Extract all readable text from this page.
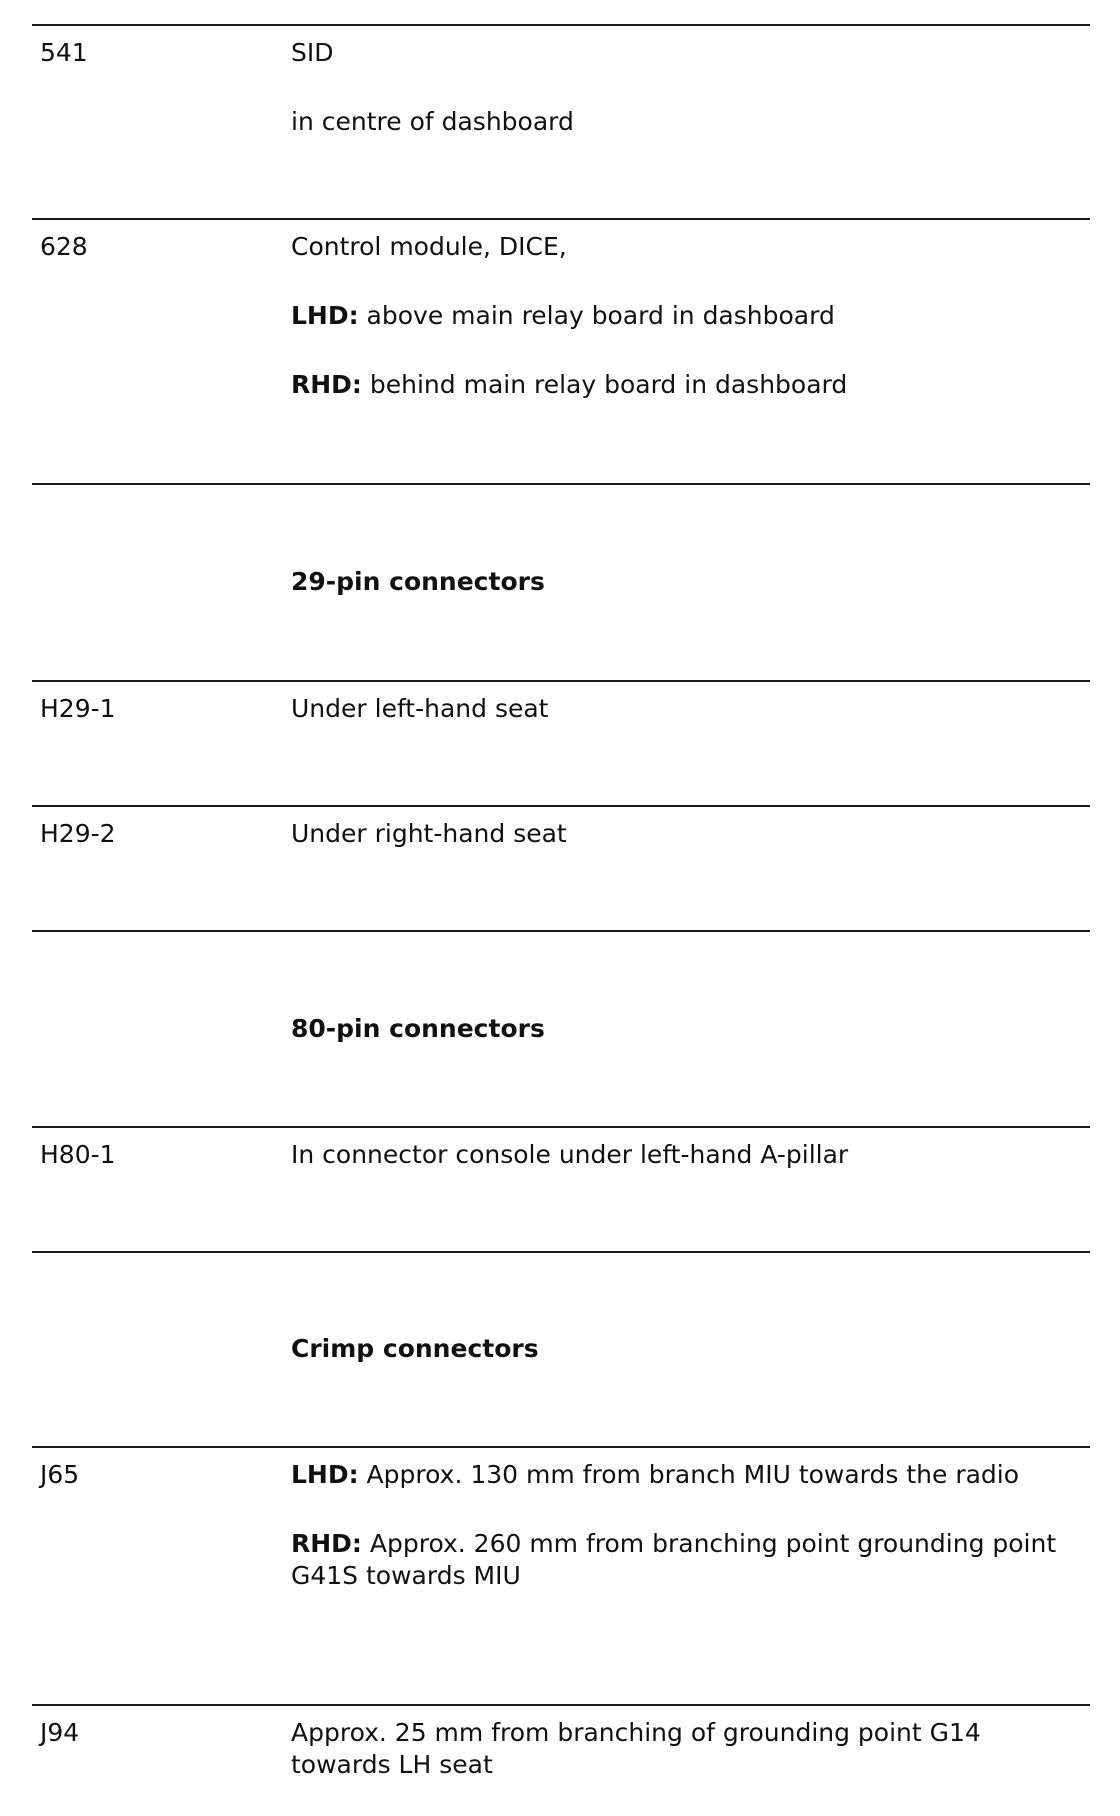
541	SID
in centre of dashboard
628	Control module, DICE,
LHD: above main relay board in dashboard
RHD: behind main relay board in dashboard
29-pin connectors
H29-1	Under left-hand seat
H29-2	Under right-hand seat
80-pin connectors
H80-1	In connector console under left-hand A-pillar
Crimp connectors
J65	LHD: Approx. 130 mm from branch MIU towards the radio
RHD: Approx. 260 mm from branching point grounding point G41S towards MIU
J94	Approx. 25 mm from branching of grounding point G14 towards LH seat
